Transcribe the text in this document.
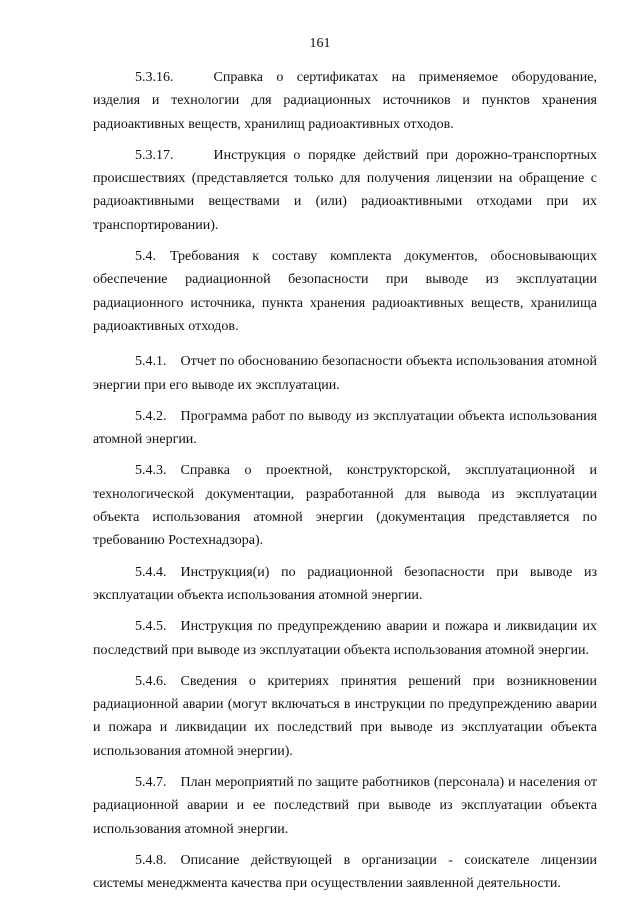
161

5.3.16.	Справка о сертификатах на применяемое оборудование, изделия и технологии для радиационных источников и пунктов хранения радиоактивных веществ, хранилищ радиоактивных отходов.

5.3.17.	Инструкция о порядке действий при дорожно-транспортных происшествиях (представляется только для получения лицензии на обращение с радиоактивными веществами и (или) радиоактивными отходами при их транспортировании).

5.4. Требования к составу комплекта документов, обосновывающих обеспечение радиационной безопасности при выводе из эксплуатации радиационного источника, пункта хранения радиоактивных веществ, хранилища радиоактивных отходов.

5.4.1. Отчет по обоснованию безопасности объекта использования атомной энергии при его выводе их эксплуатации.

5.4.2. Программа работ по выводу из эксплуатации объекта использования атомной энергии.

5.4.3. Справка о проектной, конструкторской, эксплуатационной и технологической документации, разработанной для вывода из эксплуатации объекта использования атомной энергии (документация представляется по требованию Ростехнадзора).

5.4.4. Инструкция(и) по радиационной безопасности при выводе из эксплуатации объекта использования атомной энергии.

5.4.5. Инструкция по предупреждению аварии и пожара и ликвидации их последствий при выводе из эксплуатации объекта использования атомной энергии.

5.4.6. Сведения о критериях принятия решений при возникновении радиационной аварии (могут включаться в инструкции по предупреждению аварии и пожара и ликвидации их последствий при выводе из эксплуатации объекта использования атомной энергии).

5.4.7. План мероприятий по защите работников (персонала) и населения от радиационной аварии и ее последствий при выводе из эксплуатации объекта использования атомной энергии.

5.4.8. Описание действующей в организации - соискателе лицензии системы менеджмента качества при осуществлении заявленной деятельности.
